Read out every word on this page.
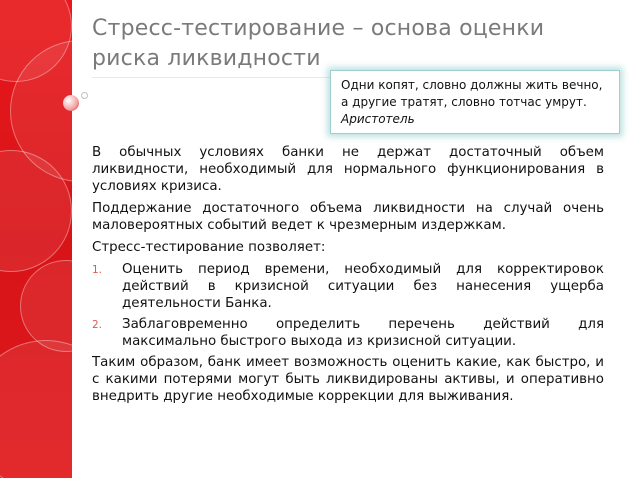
Стресс-тестирование – основа оценки риска ликвидности
Одни копят, словно должны жить вечно, а другие тратят, словно тотчас умрут. Аристотель

В обычных условиях банки не держат достаточный объем ликвидности, необходимый для нормального функционирования в условиях кризиса.

Поддержание достаточного объема ликвидности на случай очень маловероятных событий ведет к чрезмерным издержкам.

Стресс-тестирование позволяет:

1. Оценить период времени, необходимый для корректировок действий в кризисной ситуации без нанесения ущерба деятельности Банка.
2. Заблаговременно определить перечень действий для максимально быстрого выхода из кризисной ситуации.

Таким образом, банк имеет возможность оценить какие, как быстро, и с какими потерями могут быть ликвидированы активы, и оперативно внедрить другие необходимые коррекции для выживания.
